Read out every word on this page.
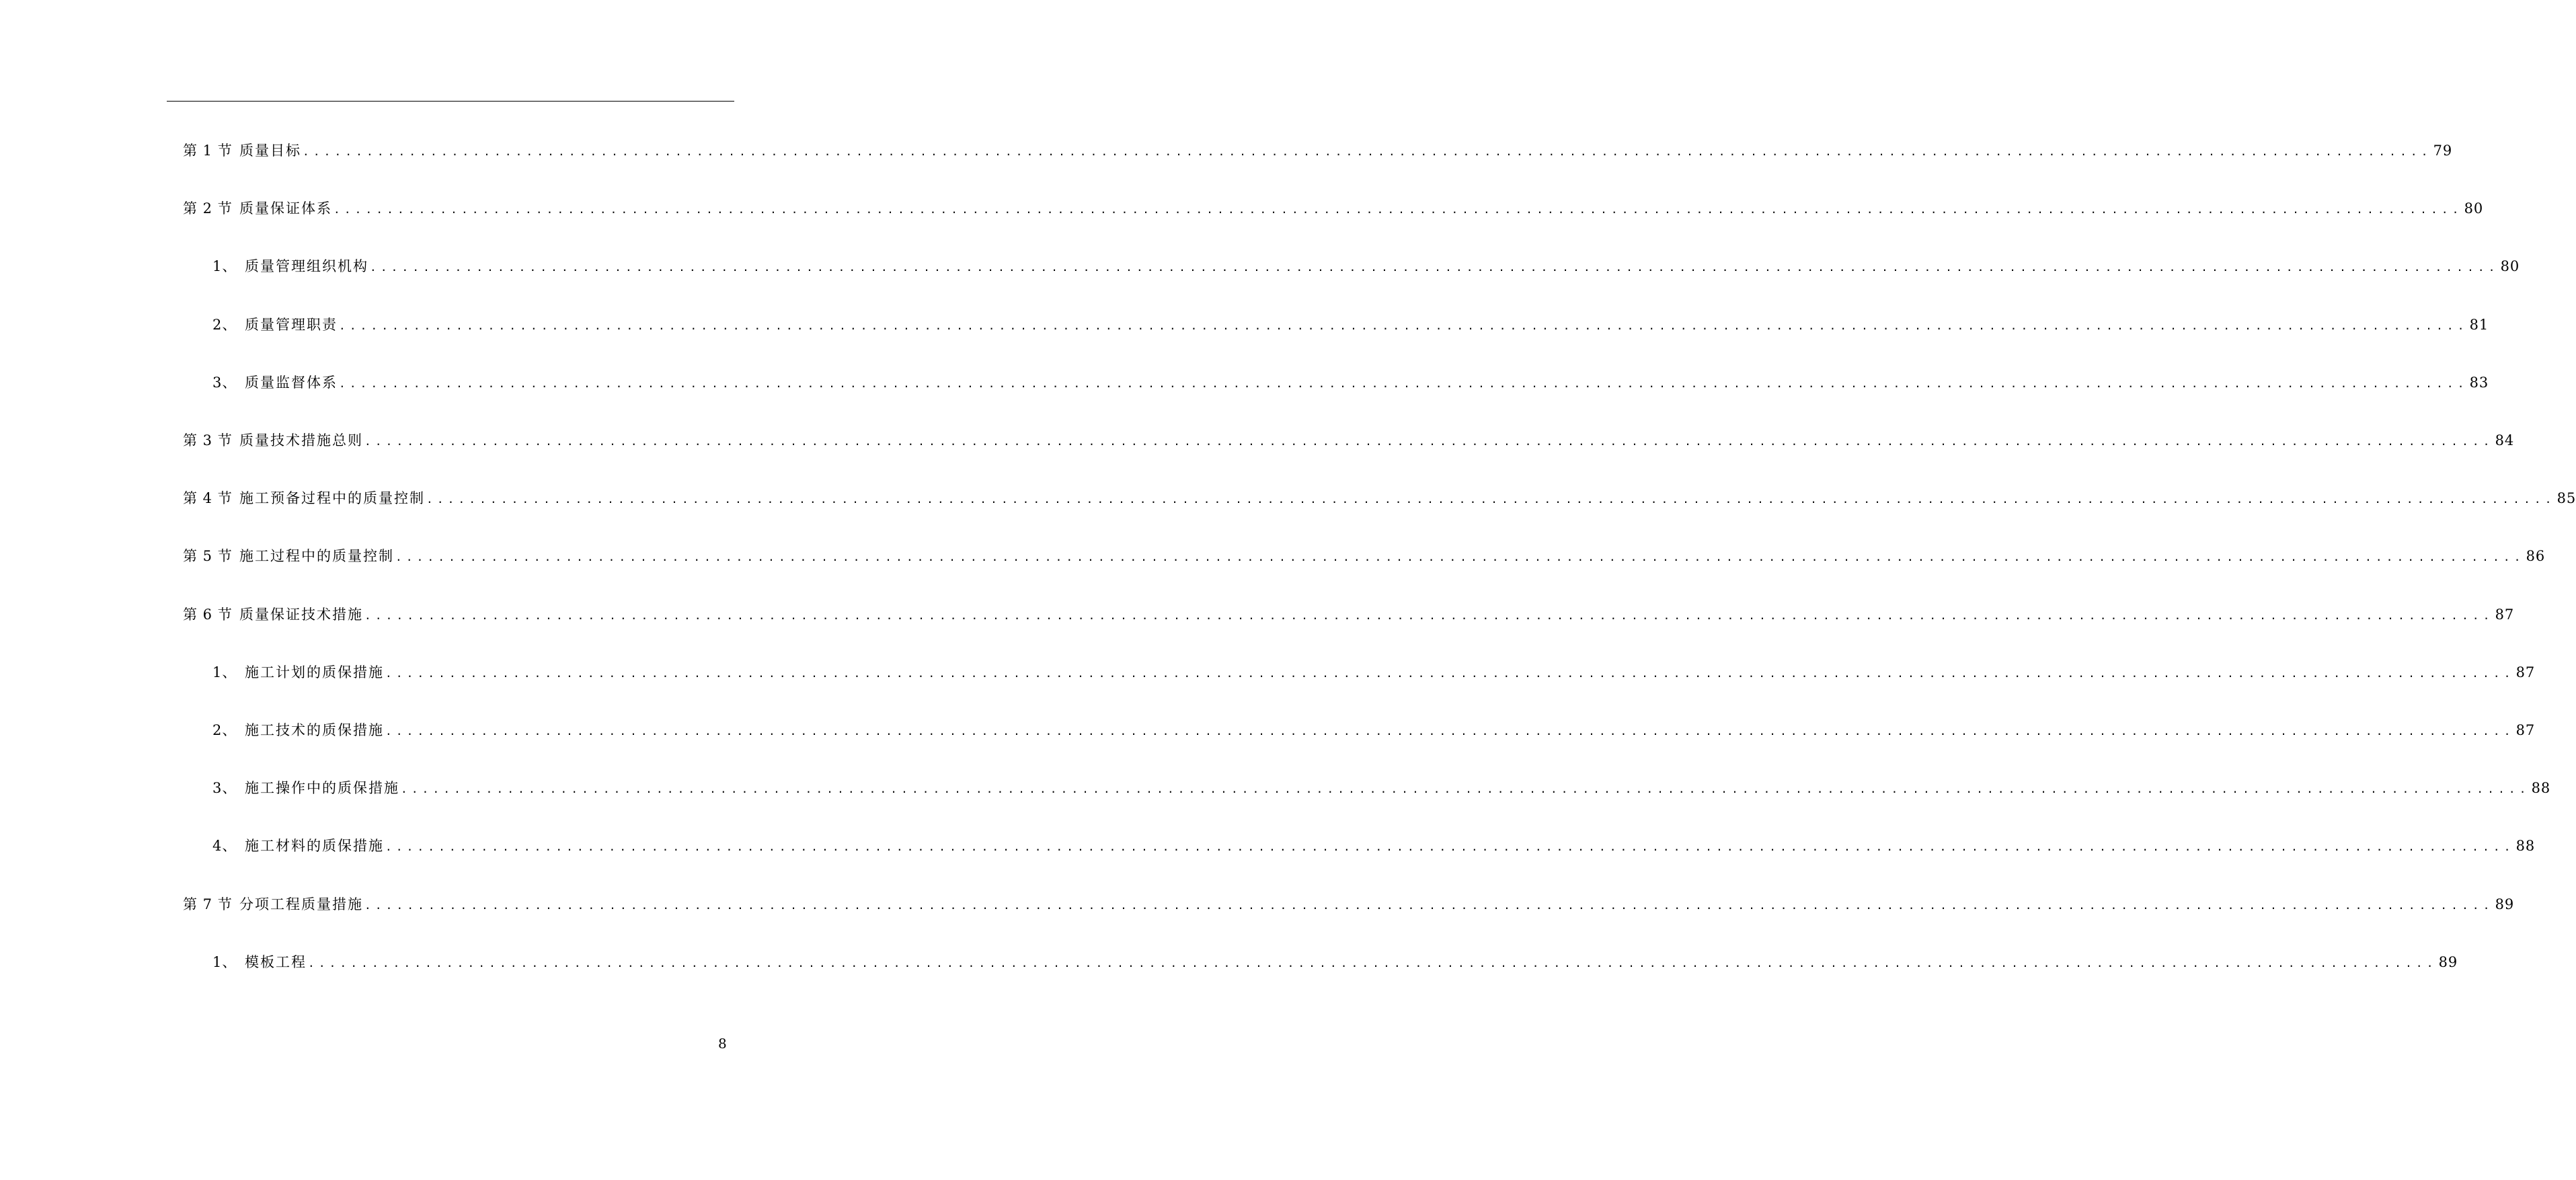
第 1 节 质量目标 ........................................................................................................................................................................................................ 79
第 2 节 质量保证体系 ........................................................................................................................................................................................................ 80
1、 质量管理组织机构 ........................................................................................................................................................................................................ 80
2、 质量管理职责 ........................................................................................................................................................................................................ 81
3、 质量监督体系 ........................................................................................................................................................................................................ 83
第 3 节 质量技术措施总则 ........................................................................................................................................................................................................ 84
第 4 节 施工预备过程中的质量控制 ........................................................................................................................................................................................................ 85
第 5 节 施工过程中的质量控制 ........................................................................................................................................................................................................ 86
第 6 节 质量保证技术措施 ........................................................................................................................................................................................................ 87
1、 施工计划的质保措施 ........................................................................................................................................................................................................ 87
2、 施工技术的质保措施 ........................................................................................................................................................................................................ 87
3、 施工操作中的质保措施 ........................................................................................................................................................................................................ 88
4、 施工材料的质保措施 ........................................................................................................................................................................................................ 88
第 7 节 分项工程质量措施 ........................................................................................................................................................................................................ 89
1、 模板工程 ........................................................................................................................................................................................................ 89
8
